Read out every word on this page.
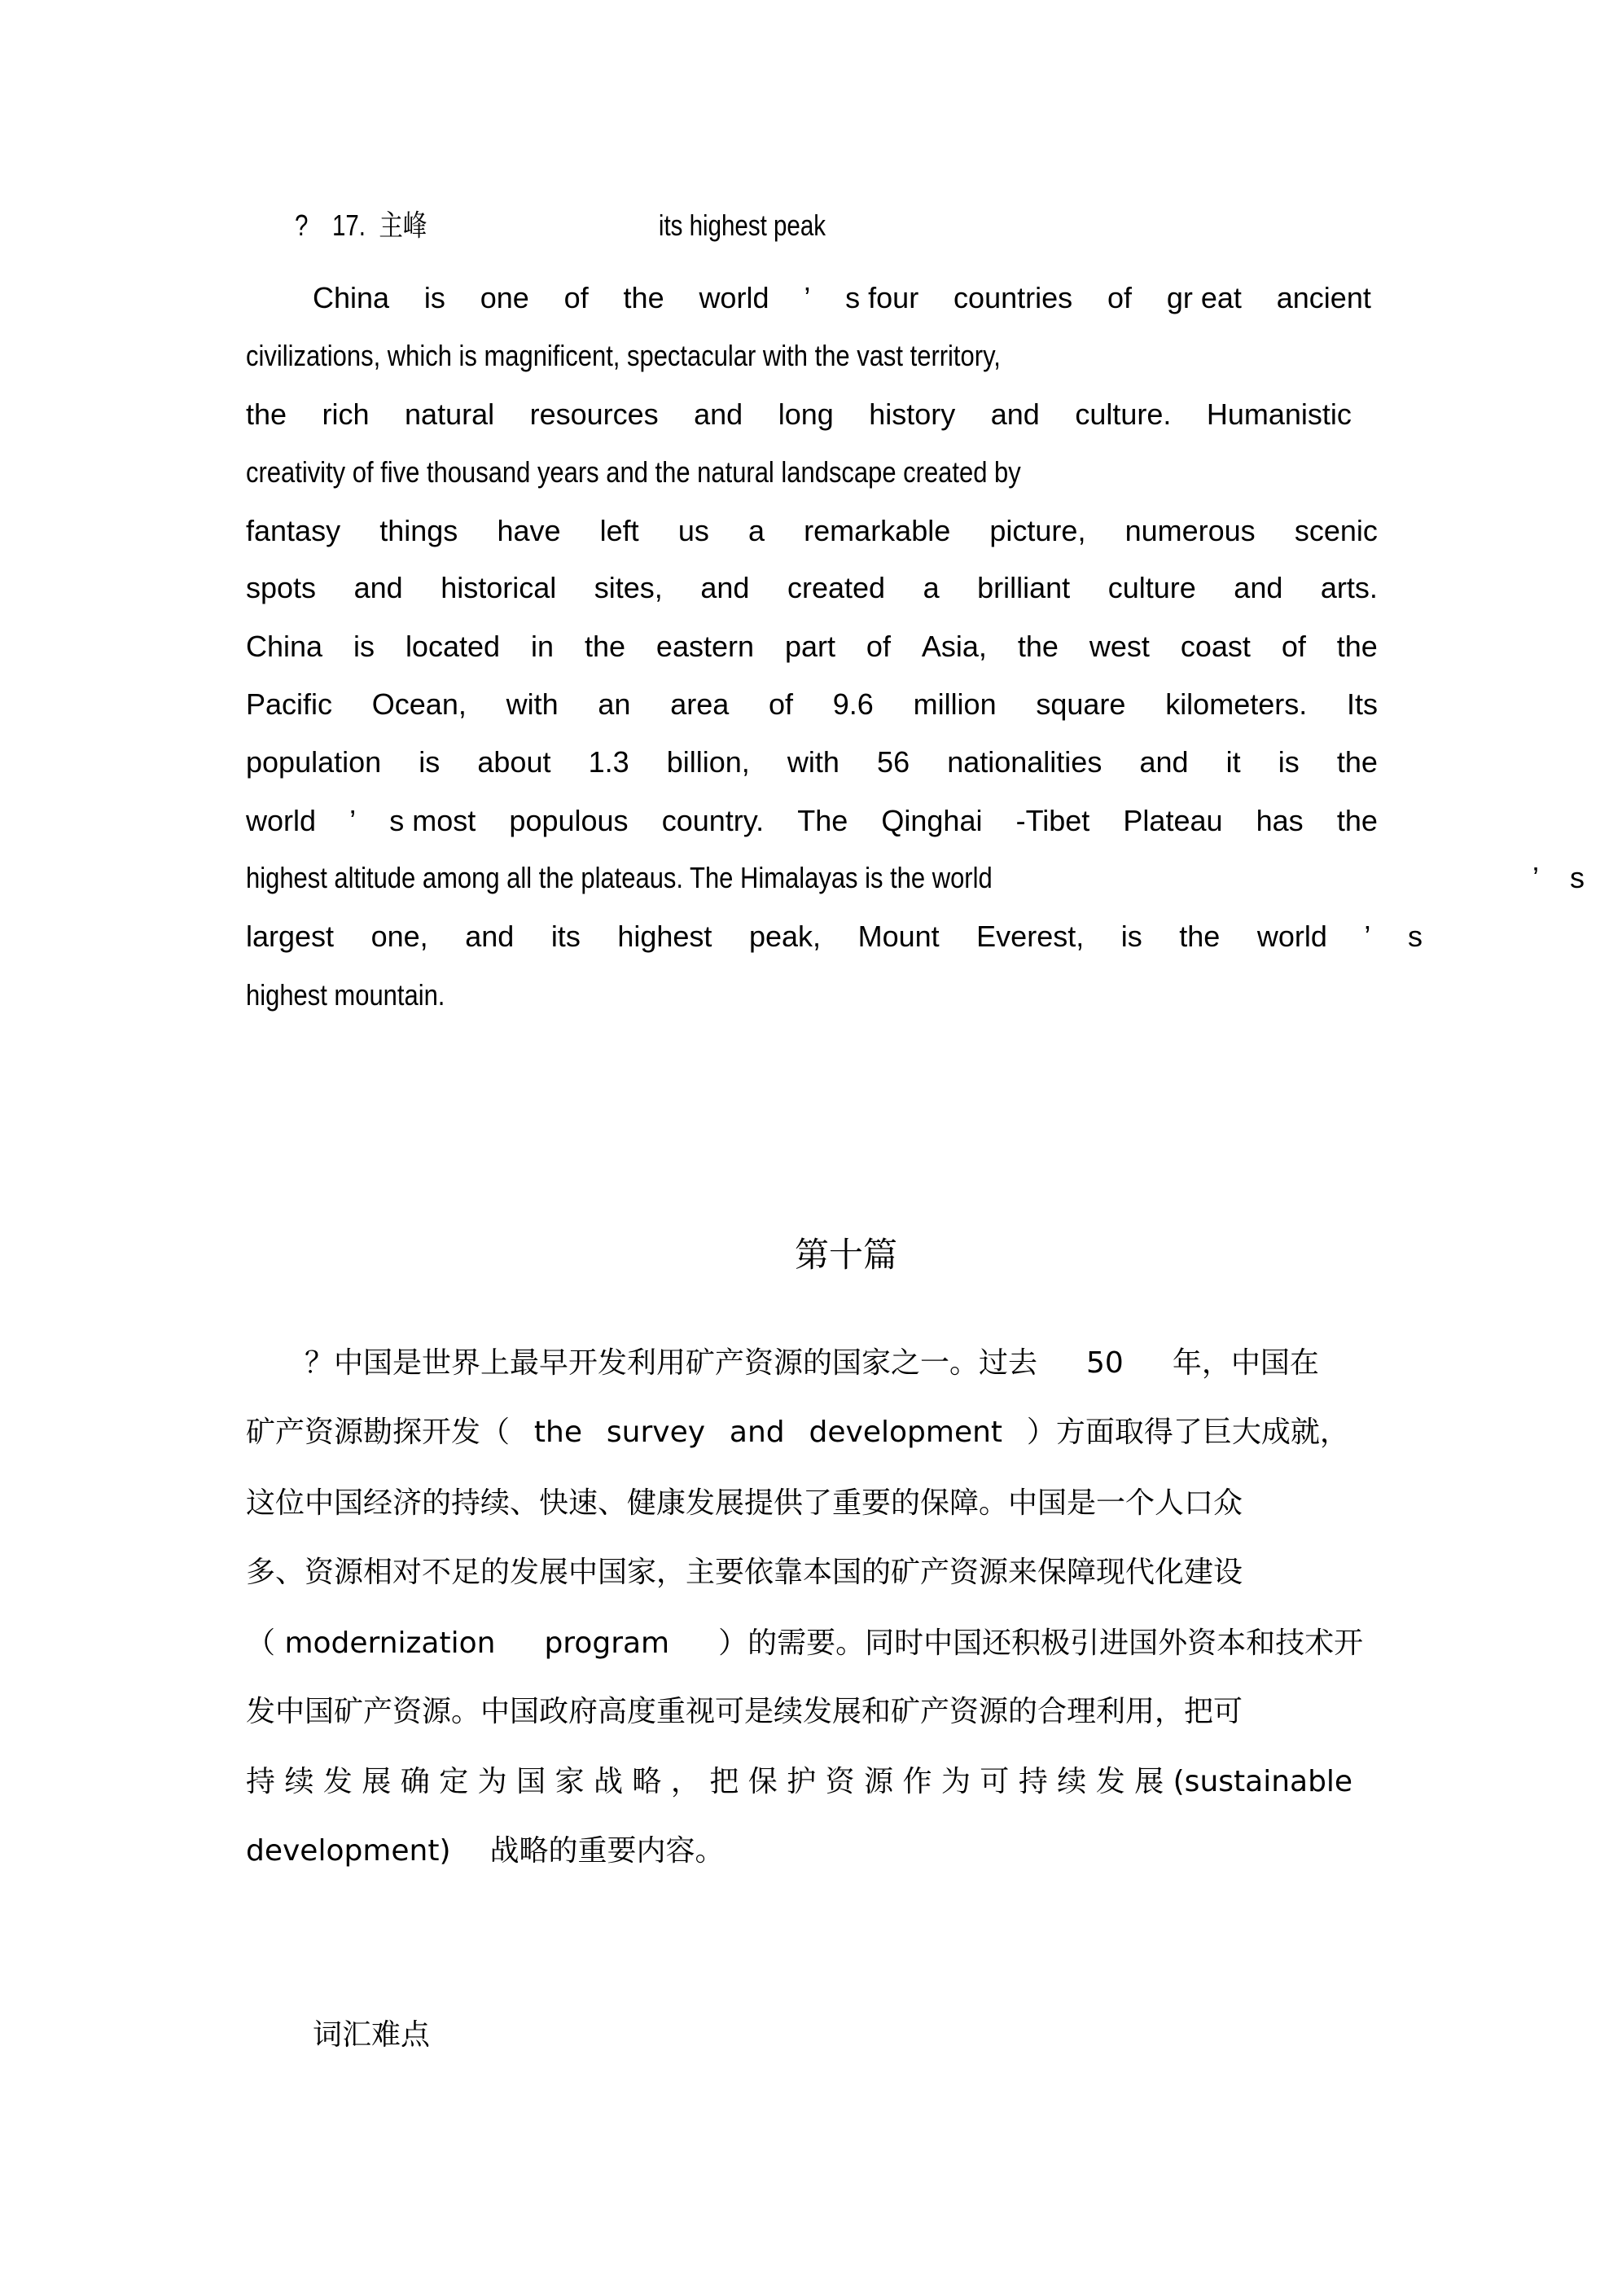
? 17. 主峰	its highest peak
China is one of the world ’ s four countries of gr eat ancient
civilizations, which is magnificent, spectacular with the vast territory,
the rich natural resources and long history and culture. Humanistic
creativity of five thousand years and the natural landscape created by
fantasy things have left us a remarkable picture, numerous scenic
spots and historical sites, and created a brilliant culture and arts.
China is located in the eastern part of Asia, the west coast of the
Pacific Ocean, with an area of 9.6 million square kilometers. Its
population is about 1.3 billion, with 56 nationalities and it is the
world ’ s most populous country. The Qinghai -Tibet Plateau has the
highest altitude among all the plateaus. The Himalayas is the world
largest one, and its highest peak, Mount Everest, is the world ’ s
highest mountain.
’ s
第十篇
？中国是世界上最早开发利用矿产资源的国家之一。过去 50 年，中国在
矿产资源勘探开发（ the survey and development ）方面取得了巨大成就，
这位中国经济的持续、快速、健康发展提供了重要的保障。中国是一个人口众
多、资源相对不足的发展中国家，主要依靠本国的矿产资源来保障现代化建设
（ modernization program ）的需要。同时中国还积极引进国外资本和技术开
发中国矿产资源。中国政府高度重视可是续发展和矿产资源的合理利用，把可
持 续 发 展 确 定 为 国 家 战 略 ， 把 保 护 资 源 作 为 可 持 续 发 展 (sustainable
development) 战略的重要内容。
词汇难点
